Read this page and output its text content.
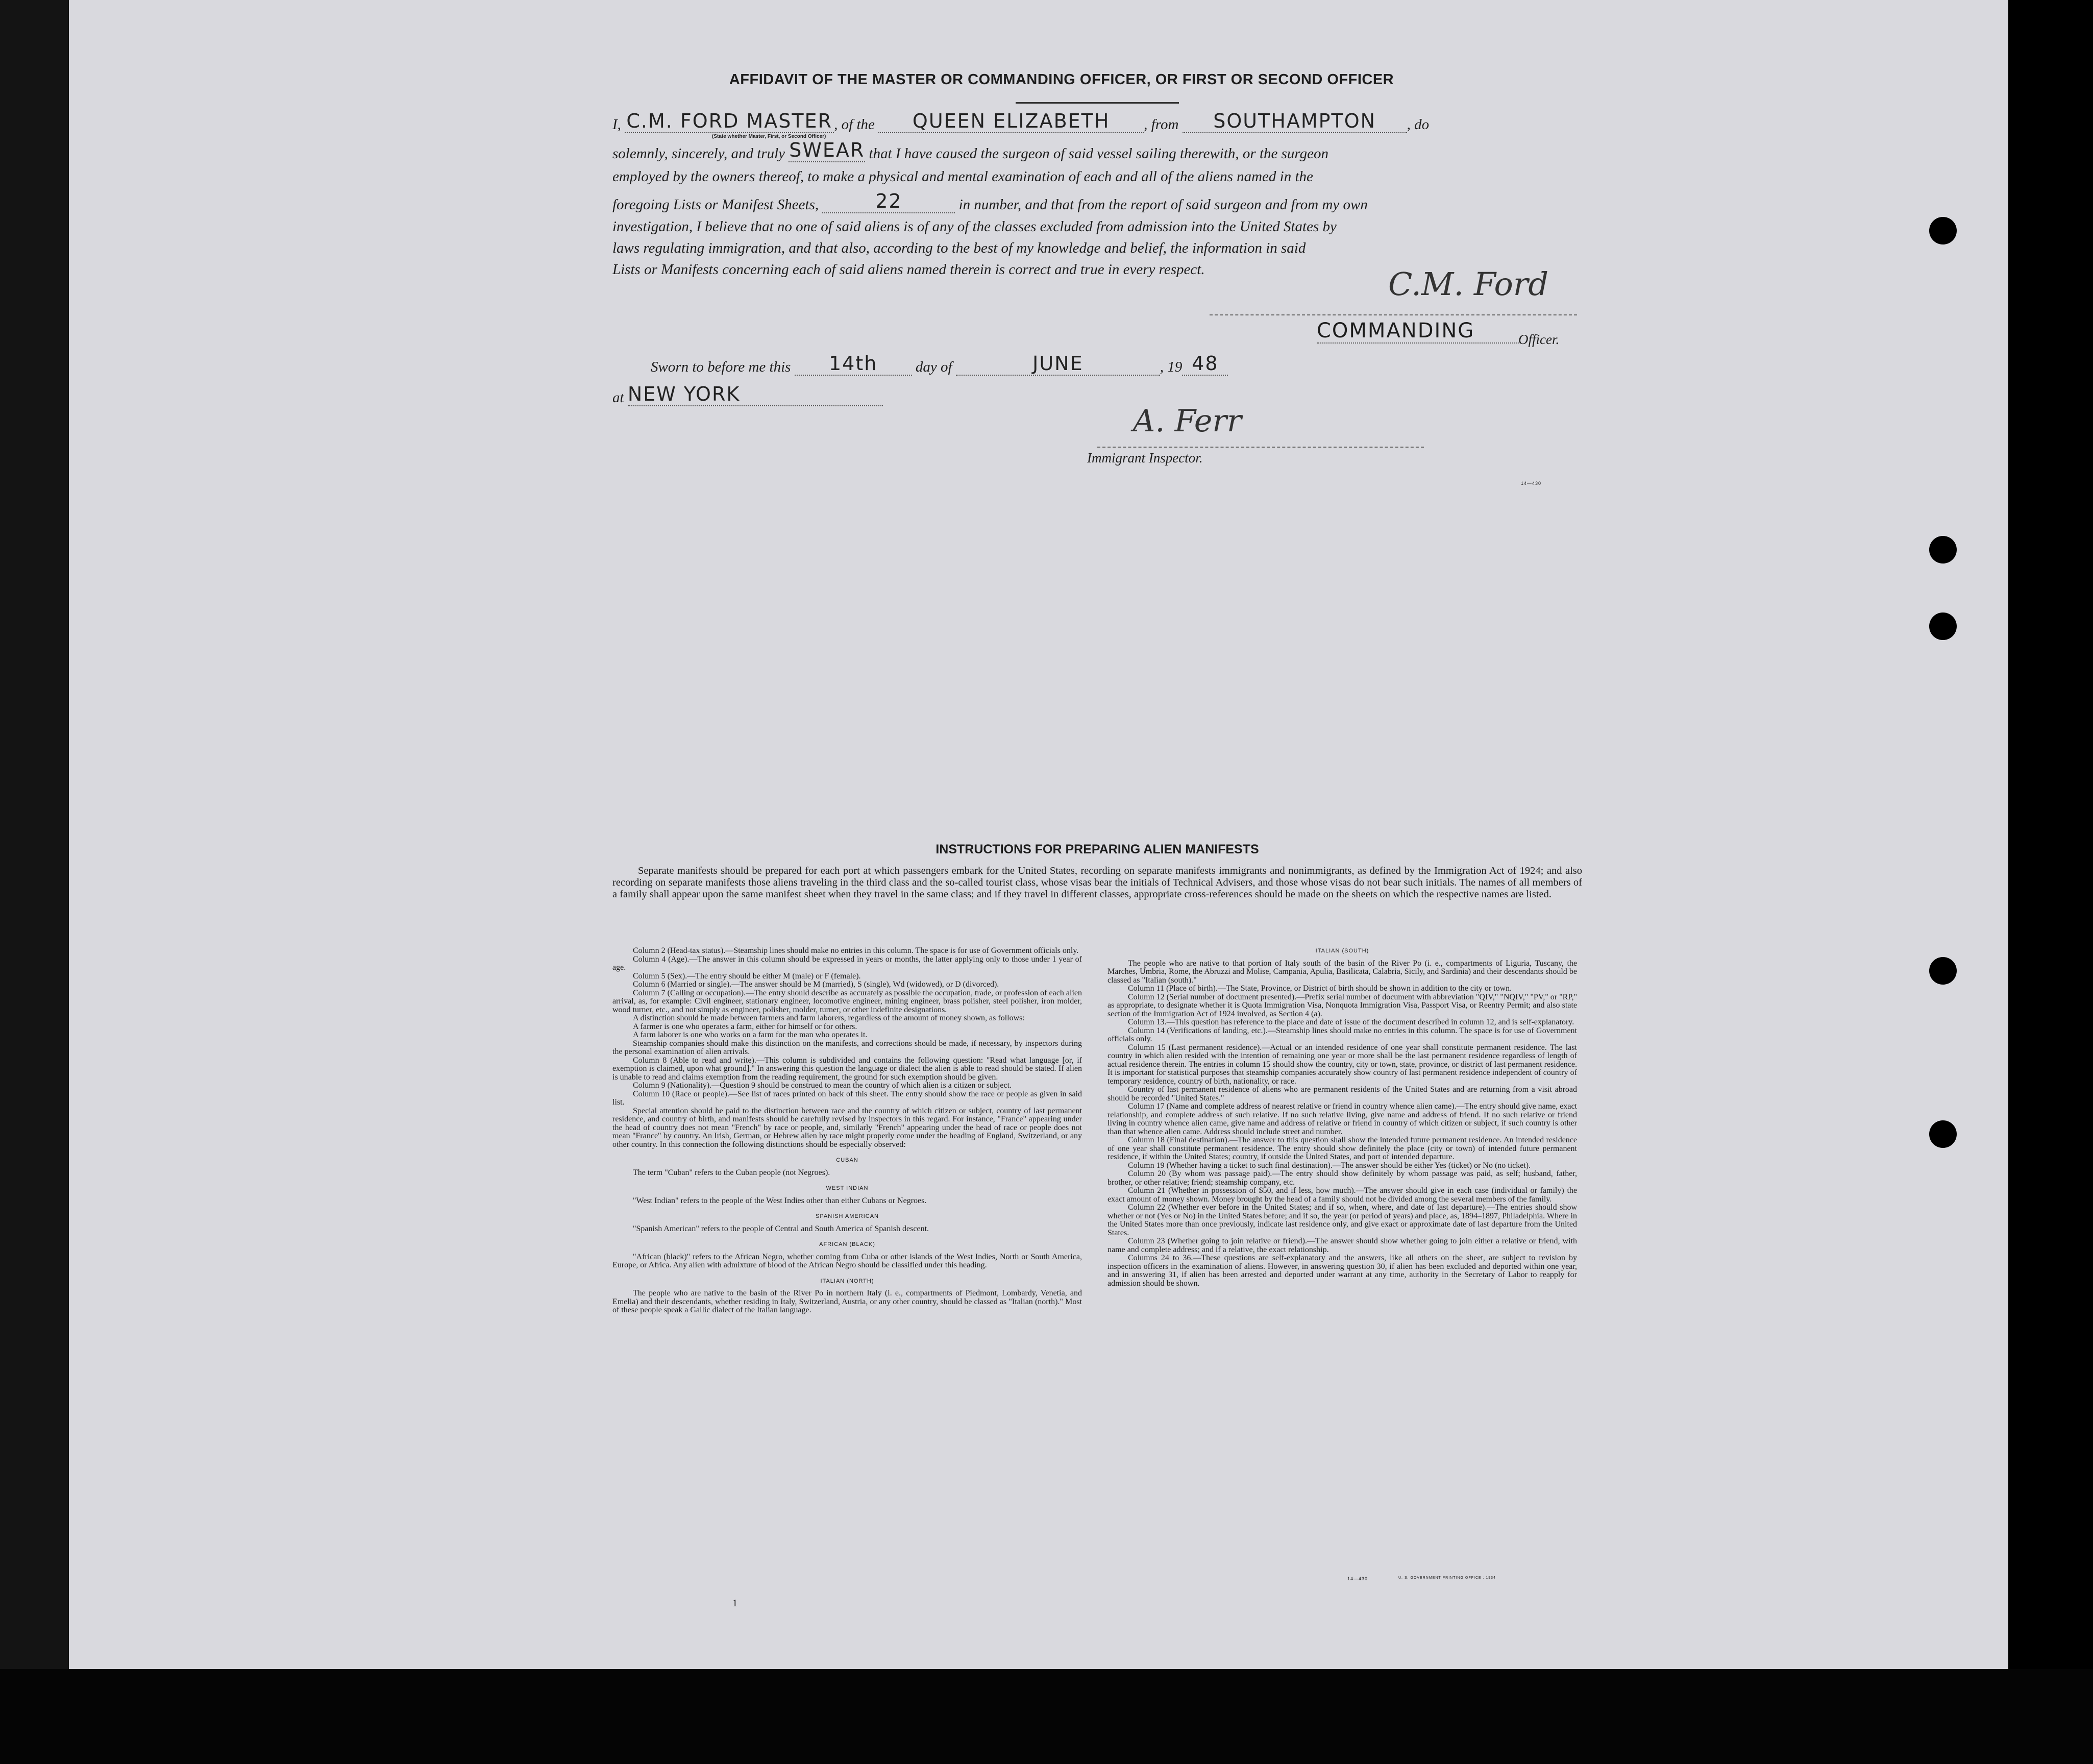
AFFIDAVIT OF THE MASTER OR COMMANDING OFFICER, OR FIRST OR SECOND OFFICER
I, C.M. FORD MASTER , of the QUEEN ELIZABETH , from SOUTHAMPTON , do
(State whether Master, First, or Second Officer)
solemnly, sincerely, and truly SWEAR that I have caused the surgeon of said vessel sailing therewith, or the surgeon
employed by the owners thereof, to make a physical and mental examination of each and all of the aliens named in the
foregoing Lists or Manifest Sheets,	22	in number, and that from the report of said surgeon and from my own
investigation, I believe that no one of said aliens is of any of the classes excluded from admission into the United States by
laws regulating immigration, and that also, according to the best of my knowledge and belief, the information in said
Lists or Manifests concerning each of said aliens named therein is correct and true in every respect.	C.M. Ford
COMMANDING	Officer.
Sworn to before me this 14th	day of	JUNE	, 19 48
at NEW YORK
A. Ferr
Immigrant Inspector.
14—430
INSTRUCTIONS FOR PREPARING ALIEN MANIFESTS
Separate manifests should be prepared for each port at which passengers embark for the United States, recording on separate manifests immigrants and nonimmigrants, as defined by the Immigration Act of 1924; and also recording on separate manifests those aliens traveling in the third class and the so-called tourist class, whose visas bear the initials of Technical Advisers, and those whose visas do not bear such initials. The names of all members of a family shall appear upon the same manifest sheet when they travel in the same class; and if they travel in different classes, appropriate cross-references should be made on the sheets on which the respective names are listed.

Column 2 (Head-tax status).—Steamship lines should make no entries in this column. The space is for use of Government officials only.

Column 4 (Age).—The answer in this column should be expressed in years or months, the latter applying only to those under 1 year of age.

Column 5 (Sex).—The entry should be either M (male) or F (female).

Column 6 (Married or single).—The answer should be M (married), S (single), Wd (widowed), or D (divorced).

Column 7 (Calling or occupation).—The entry should describe as accurately as possible the occupation, trade, or profession of each alien arrival, as, for example: Civil engineer, stationary engineer, locomotive engineer, mining engineer, brass polisher, steel polisher, iron molder, wood turner, etc., and not simply as engineer, polisher, molder, turner, or other indefinite designations.

A distinction should be made between farmers and farm laborers, regardless of the amount of money shown, as follows:

A farmer is one who operates a farm, either for himself or for others.

A farm laborer is one who works on a farm for the man who operates it.

Steamship companies should make this distinction on the manifests, and corrections should be made, if necessary, by inspectors during the personal examination of alien arrivals.

Column 8 (Able to read and write).—This column is subdivided and contains the following question: "Read what language [or, if exemption is claimed, upon what ground]." In answering this question the language or dialect the alien is able to read should be stated. If alien is unable to read and claims exemption from the reading requirement, the ground for such exemption should be given.

Column 9 (Nationality).—Question 9 should be construed to mean the country of which alien is a citizen or subject.

Column 10 (Race or people).—See list of races printed on back of this sheet. The entry should show the race or people as given in said list.

Special attention should be paid to the distinction between race and the country of which citizen or subject, country of last permanent residence, and country of birth, and manifests should be carefully revised by inspectors in this regard. For instance, "France" appearing under the head of country does not mean "French" by race or people, and, similarly "French" appearing under the head of race or people does not mean "France" by country. An Irish, German, or Hebrew alien by race might properly come under the heading of England, Switzerland, or any other country. In this connection the following distinctions should be especially observed:

CUBAN

The term "Cuban" refers to the Cuban people (not Negroes).

WEST INDIAN

"West Indian" refers to the people of the West Indies other than either Cubans or Negroes.

SPANISH AMERICAN

"Spanish American" refers to the people of Central and South America of Spanish descent.

AFRICAN (BLACK)

"African (black)" refers to the African Negro, whether coming from Cuba or other islands of the West Indies, North or South America, Europe, or Africa. Any alien with admixture of blood of the African Negro should be classified under this heading.

ITALIAN (NORTH)

The people who are native to the basin of the River Po in northern Italy (i. e., compartments of Piedmont, Lombardy, Venetia, and Emelia) and their descendants, whether residing in Italy, Switzerland, Austria, or any other country, should be classed as "Italian (north)." Most of these people speak a Gallic dialect of the Italian language.

ITALIAN (SOUTH)

The people who are native to that portion of Italy south of the basin of the River Po (i. e., compartments of Liguria, Tuscany, the Marches, Umbria, Rome, the Abruzzi and Molise, Campania, Apulia, Basilicata, Calabria, Sicily, and Sardinia) and their descendants should be classed as "Italian (south)."

Column 11 (Place of birth).—The State, Province, or District of birth should be shown in addition to the city or town.

Column 12 (Serial number of document presented).—Prefix serial number of document with abbreviation "QIV," "NQIV," "PV," or "RP," as appropriate, to designate whether it is Quota Immigration Visa, Nonquota Immigration Visa, Passport Visa, or Reentry Permit; and also state section of the Immigration Act of 1924 involved, as Section 4 (a).

Column 13.—This question has reference to the place and date of issue of the document described in column 12, and is self-explanatory.

Column 14 (Verifications of landing, etc.).—Steamship lines should make no entries in this column. The space is for use of Government officials only.

Column 15 (Last permanent residence).—Actual or an intended residence of one year shall constitute permanent residence. The last country in which alien resided with the intention of remaining one year or more shall be the last permanent residence regardless of length of actual residence therein. The entries in column 15 should show the country, city or town, state, province, or district of last permanent residence. It is important for statistical purposes that steamship companies accurately show country of last permanent residence independent of country of temporary residence, country of birth, nationality, or race.

Country of last permanent residence of aliens who are permanent residents of the United States and are returning from a visit abroad should be recorded "United States."

Column 17 (Name and complete address of nearest relative or friend in country whence alien came).—The entry should give name, exact relationship, and complete address of such relative. If no such relative living, give name and address of friend. If no such relative or friend living in country whence alien came, give name and address of relative or friend in country of which citizen or subject, if such country is other than that whence alien came. Address should include street and number.

Column 18 (Final destination).—The answer to this question shall show the intended future permanent residence. An intended residence of one year shall constitute permanent residence. The entry should show definitely the place (city or town) of intended future permanent residence, if within the United States; country, if outside the United States, and port of intended departure.

Column 19 (Whether having a ticket to such final destination).—The answer should be either Yes (ticket) or No (no ticket).

Column 20 (By whom was passage paid).—The entry should show definitely by whom passage was paid, as self; husband, father, brother, or other relative; friend; steamship company, etc.

Column 21 (Whether in possession of $50, and if less, how much).—The answer should give in each case (individual or family) the exact amount of money shown. Money brought by the head of a family should not be divided among the several members of the family.

Column 22 (Whether ever before in the United States; and if so, when, where, and date of last departure).—The entries should show whether or not (Yes or No) in the United States before; and if so, the year (or period of years) and place, as, 1894–1897, Philadelphia. Where in the United States more than once previously, indicate last residence only, and give exact or approximate date of last departure from the United States.

Column 23 (Whether going to join relative or friend).—The answer should show whether going to join either a relative or friend, with name and complete address; and if a relative, the exact relationship.

Columns 24 to 36.—These questions are self-explanatory and the answers, like all others on the sheet, are subject to revision by inspection officers in the examination of aliens. However, in answering question 30, if alien has been excluded and deported within one year, and in answering 31, if alien has been arrested and deported under warrant at any time, authority in the Secretary of Labor to reapply for admission should be shown.

14—430	U. S. GOVERNMENT PRINTING OFFICE : 1934
1
